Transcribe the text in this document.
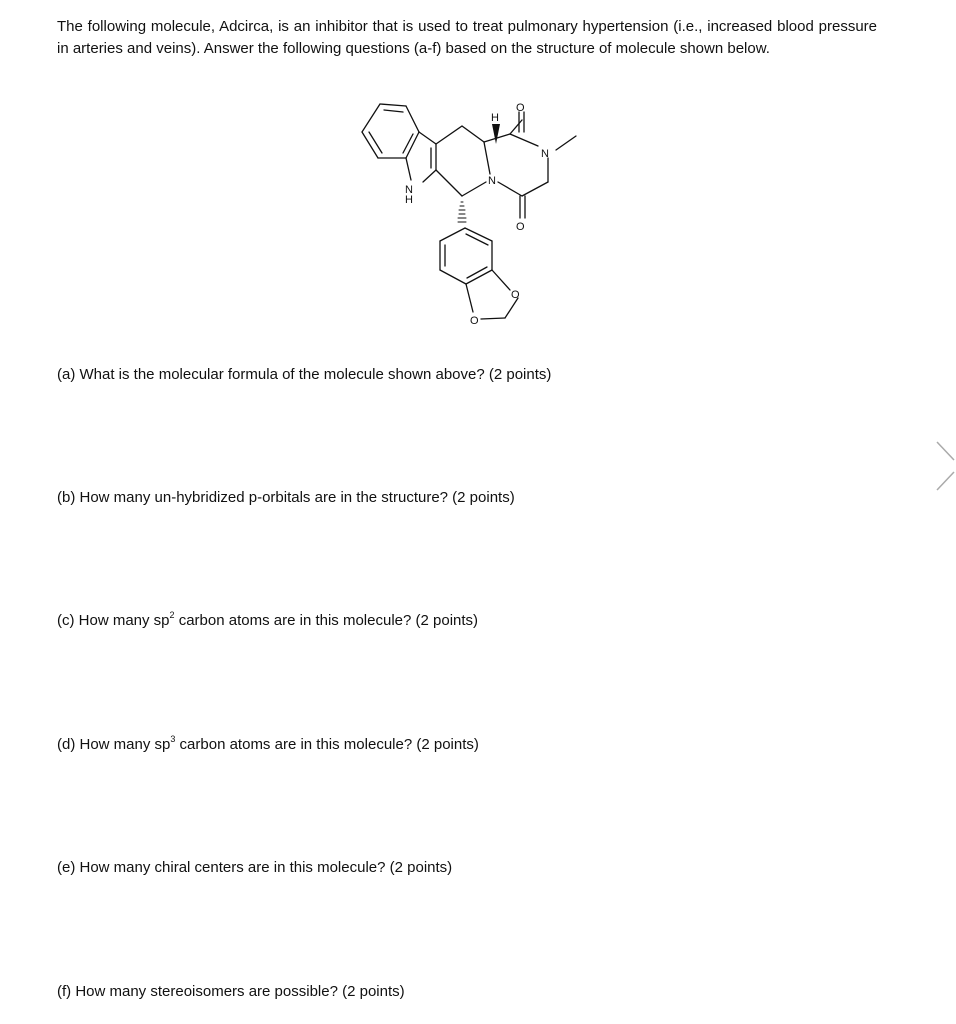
The following molecule, Adcirca, is an inhibitor that is used to treat pulmonary hypertension (i.e., increased blood pressure in arteries and veins). Answer the following questions (a-f) based on the structure of molecule shown below.

H
O
N
N
O
N
H
O
O

(a) What is the molecular formula of the molecule shown above? (2 points)

(b) How many un-hybridized p-orbitals are in the structure? (2 points)

(c) How many $sp^2$ carbon atoms are in this molecule? (2 points)

(d) How many $sp^3$ carbon atoms are in this molecule? (2 points)

(e) How many chiral centers are in this molecule? (2 points)

(f) How many stereoisomers are possible? (2 points)
